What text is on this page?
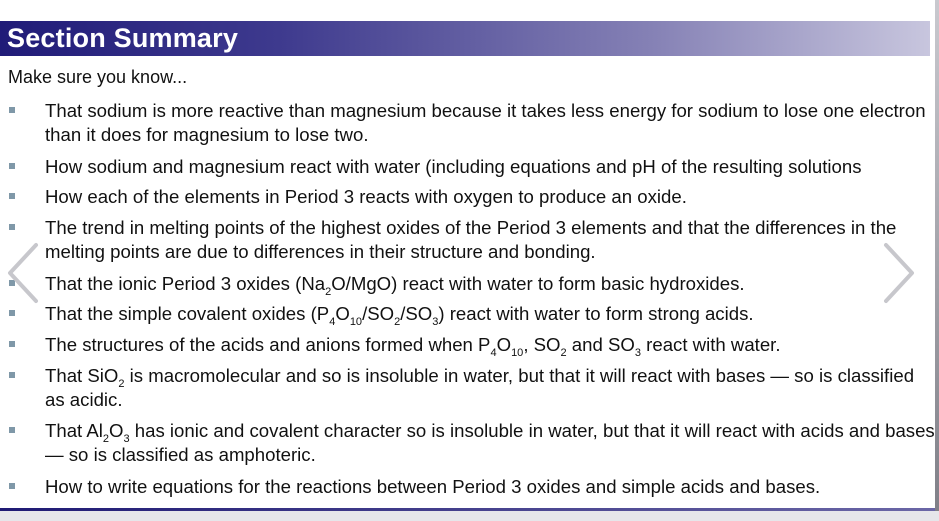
Section Summary
Make sure you know...
That sodium is more reactive than magnesium because it takes less energy for sodium to lose one electron than it does for magnesium to lose two.
How sodium and magnesium react with water (including equations and pH of the resulting solutions
How each of the elements in Period 3 reacts with oxygen to produce an oxide.
The trend in melting points of the highest oxides of the Period 3 elements and that the differences in the melting points are due to differences in their structure and bonding.
That the ionic Period 3 oxides $(Na_2O/MgO)$ react with water to form basic hydroxides.
That the simple covalent oxides $(P_4O_{10}/SO_2/SO_3)$ react with water to form strong acids.
The structures of the acids and anions formed when $P_4O_{10}$, $SO_2$ and $SO_3$ react with water.
That SiO$_2$ is macromolecular and so is insoluble in water, but that it will react with bases — so is classified as acidic.
That $Al_2O_3$ has ionic and covalent character so is insoluble in water, but that it will react with acids and bases — so is classified as amphoteric.
How to write equations for the reactions between Period 3 oxides and simple acids and bases.
